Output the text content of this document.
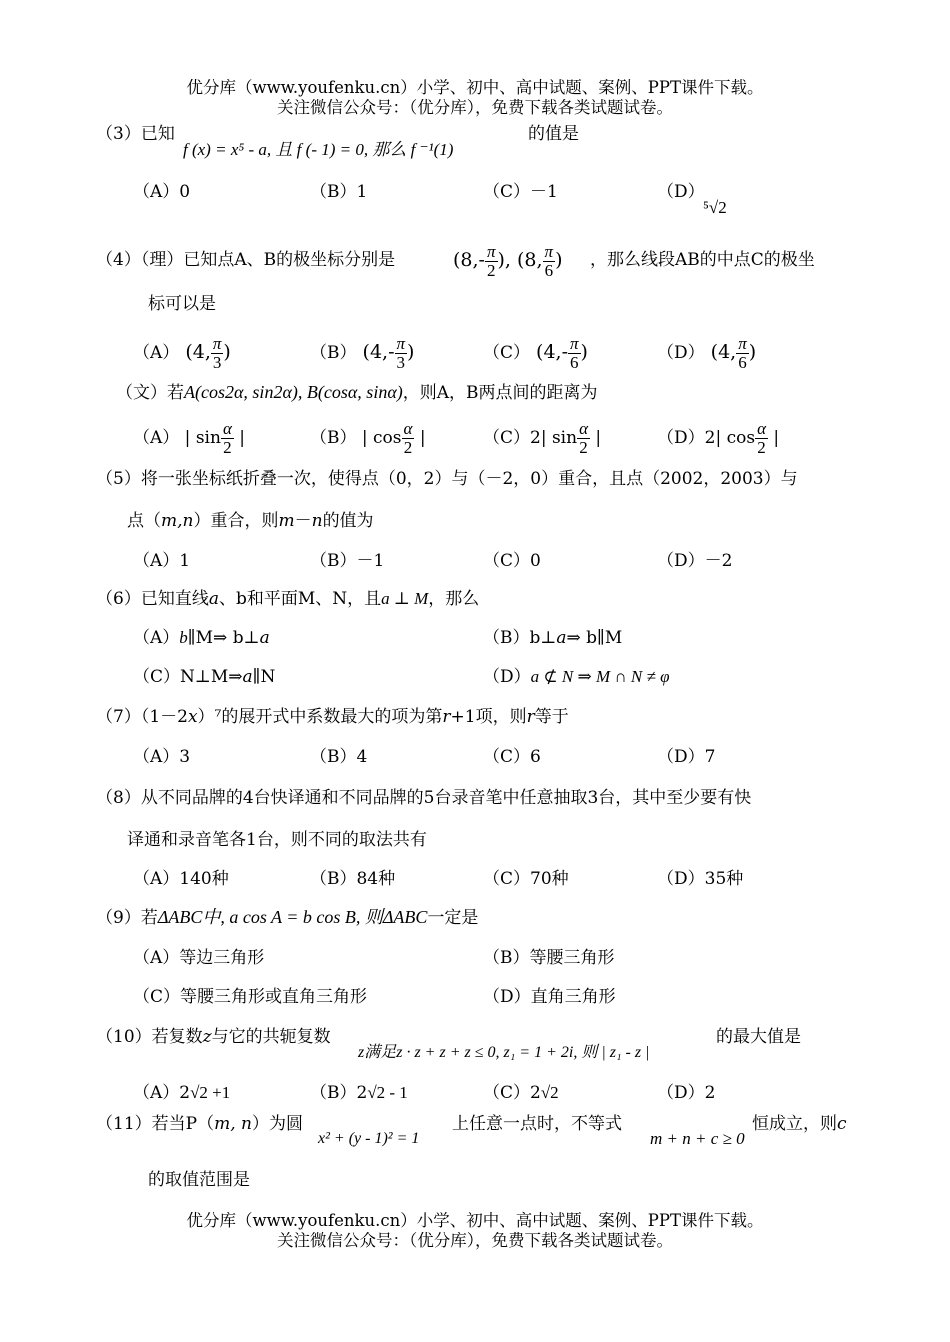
优分库（www.youfenku.cn）小学、初中、高中试题、案例、PPT课件下载。
关注微信公众号：（优分库），免费下载各类试题试卷。
（3）已知
f (x) = x⁵ - a, 且 f (- 1) = 0, 那么 f ⁻¹(1)
的值是
（A）0	（B）1	（C）－1	（D）
⁵√2
（4）（理）已知点A、B的极坐标分别是	($8,- \frac{\pi}{2}$ ), (8, $\frac{\pi}{6}$ ) ，那么线段AB的中点C的极坐
标可以是
（A） (4, $\frac{\pi}{3}$ )	（B） ($4,- \frac{\pi}{3}$ )	（C） ($4,- \frac{\pi}{6}$ )	（D） (4, $\frac{\pi}{6}$ )
（文）若A(cos2α, sin2α), B(cosα, sinα)，则A，B两点间的距离为
（A） | $\sin \frac{\alpha}{2}$ |	（B） | $\cos \frac{\alpha}{2}$ |	（C）2| $\sin \frac{\alpha}{2}$ |	（D）2| $\cos \frac{\alpha}{2}$ |
（5）将一张坐标纸折叠一次，使得点（0，2）与（－2，0）重合，且点（2002，2003）与
点（m,n）重合，则m－n的值为
（A）1	（B）－1	（C）0	（D）－2
（6）已知直线a、b和平面M、N，且a ⊥ M，那么
（A）b∥M⇒ b⊥a	（B）b⊥a⇒ b∥M
（C）N⊥M⇒a∥N	（D）a ⊄ N ⇒ M ∩ N ≠ φ
（7）（1－2x）⁷的展开式中系数最大的项为第r+1项，则r等于
（A）3	（B）4	（C）6	（D）7
（8）从不同品牌的4台快译通和不同品牌的5台录音笔中任意抽取3台，其中至少要有快
译通和录音笔各1台，则不同的取法共有
（A）140种	（B）84种	（C）70种	（D）35种
（9）若ΔABC中, a cos A = b cos B, 则ΔABC一定是
（A）等边三角形	（B）等腰三角形
（C）等腰三角形或直角三角形	（D）直角三角形
（10）若复数z与它的共轭复数
z满足z · z + z + z ≤ 0, z₁ = 1 + 2i, 则 | z₁ - z |
的最大值是
（A）2√2 +1	（B）2√2 - 1	（C）2√2	（D）2
（11）若当P（m, n）为圆
x² + (y - 1)² = 1
上任意一点时，不等式
m + n + c ≥ 0
恒成立，则c
的取值范围是
优分库（www.youfenku.cn）小学、初中、高中试题、案例、PPT课件下载。
关注微信公众号：（优分库），免费下载各类试题试卷。
